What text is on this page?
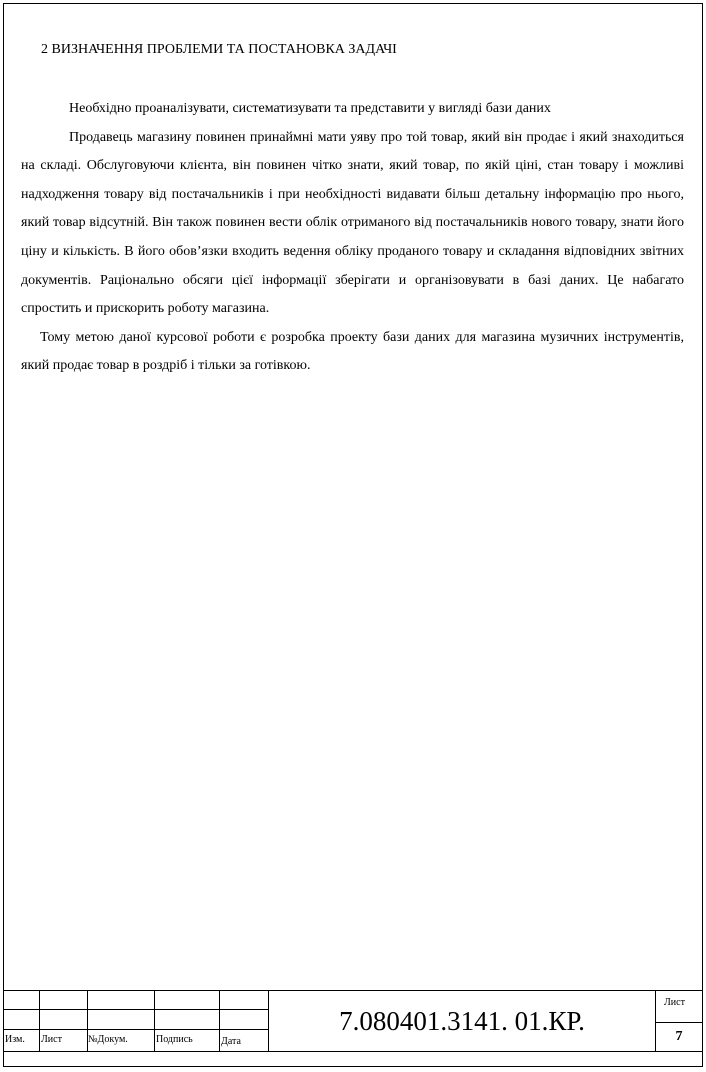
2 ВИЗНАЧЕННЯ ПРОБЛЕМИ ТА ПОСТАНОВКА ЗАДАЧІ

Необхідно проаналізувати, систематизувати та представити у вигляді бази даних

Продавець магазину повинен принаймні мати уяву про той товар, який він продає і який знаходиться на складі. Обслуговуючи клієнта, він повинен чітко знати, який товар, по якій ціні, стан товару і можливі надходження товару від постачальників і при необхідності видавати більш детальну інформацію про нього, який товар відсутній. Він також повинен вести облік отриманого від постачальників нового товару, знати його ціну и кількість. В його обов’язки входить ведення обліку проданого товару и складання відповідних звітних документів. Раціонально обсяги цієї інформації зберігати и організовувати в базі даних. Це набагато спростить и прискорить роботу магазина.

Тому метою даної курсової роботи є розробка проекту бази даних для магазина музичних інструментів, який продає товар в роздріб і тільки за готівкою.

Изм. Лист	№Докум.	Подпись	Дата
7.080401.3141. 01.КР.
Лист
7
